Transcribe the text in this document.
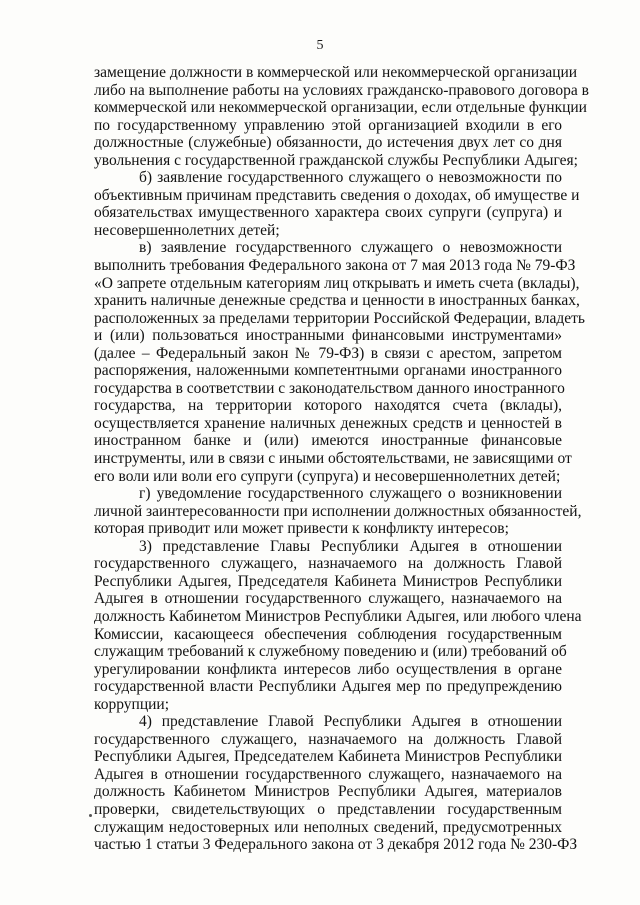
5
замещение должности в коммерческой или некоммерческой организации
либо на выполнение работы на условиях гражданско-правового договора в
коммерческой или некоммерческой организации, если отдельные функции
по государственному управлению этой организацией входили в его
должностные (служебные) обязанности, до истечения двух лет со дня
увольнения с государственной гражданской службы Республики Адыгея;
б) заявление государственного служащего о невозможности по
объективным причинам представить сведения о доходах, об имуществе и
обязательствах имущественного характера своих супруги (супруга) и
несовершеннолетних детей;
в) заявление государственного служащего о невозможности
выполнить требования Федерального закона от 7 мая 2013 года № 79-ФЗ
«О запрете отдельным категориям лиц открывать и иметь счета (вклады),
хранить наличные денежные средства и ценности в иностранных банках,
расположенных за пределами территории Российской Федерации, владеть
и (или) пользоваться иностранными финансовыми инструментами»
(далее – Федеральный закон № 79-ФЗ) в связи с арестом, запретом
распоряжения, наложенными компетентными органами иностранного
государства в соответствии с законодательством данного иностранного
государства, на территории которого находятся счета (вклады),
осуществляется хранение наличных денежных средств и ценностей в
иностранном банке и (или) имеются иностранные финансовые
инструменты, или в связи с иными обстоятельствами, не зависящими от
его воли или воли его супруги (супруга) и несовершеннолетних детей;
г) уведомление государственного служащего о возникновении
личной заинтересованности при исполнении должностных обязанностей,
которая приводит или может привести к конфликту интересов;
3) представление Главы Республики Адыгея в отношении
государственного служащего, назначаемого на должность Главой
Республики Адыгея, Председателя Кабинета Министров Республики
Адыгея в отношении государственного служащего, назначаемого на
должность Кабинетом Министров Республики Адыгея, или любого члена
Комиссии, касающееся обеспечения соблюдения государственным
служащим требований к служебному поведению и (или) требований об
урегулировании конфликта интересов либо осуществления в органе
государственной власти Республики Адыгея мер по предупреждению
коррупции;
4) представление Главой Республики Адыгея в отношении
государственного служащего, назначаемого на должность Главой
Республики Адыгея, Председателем Кабинета Министров Республики
Адыгея в отношении государственного служащего, назначаемого на
должность Кабинетом Министров Республики Адыгея, материалов
проверки, свидетельствующих о представлении государственным
служащим недостоверных или неполных сведений, предусмотренных
частью 1 статьи 3 Федерального закона от 3 декабря 2012 года № 230-ФЗ
